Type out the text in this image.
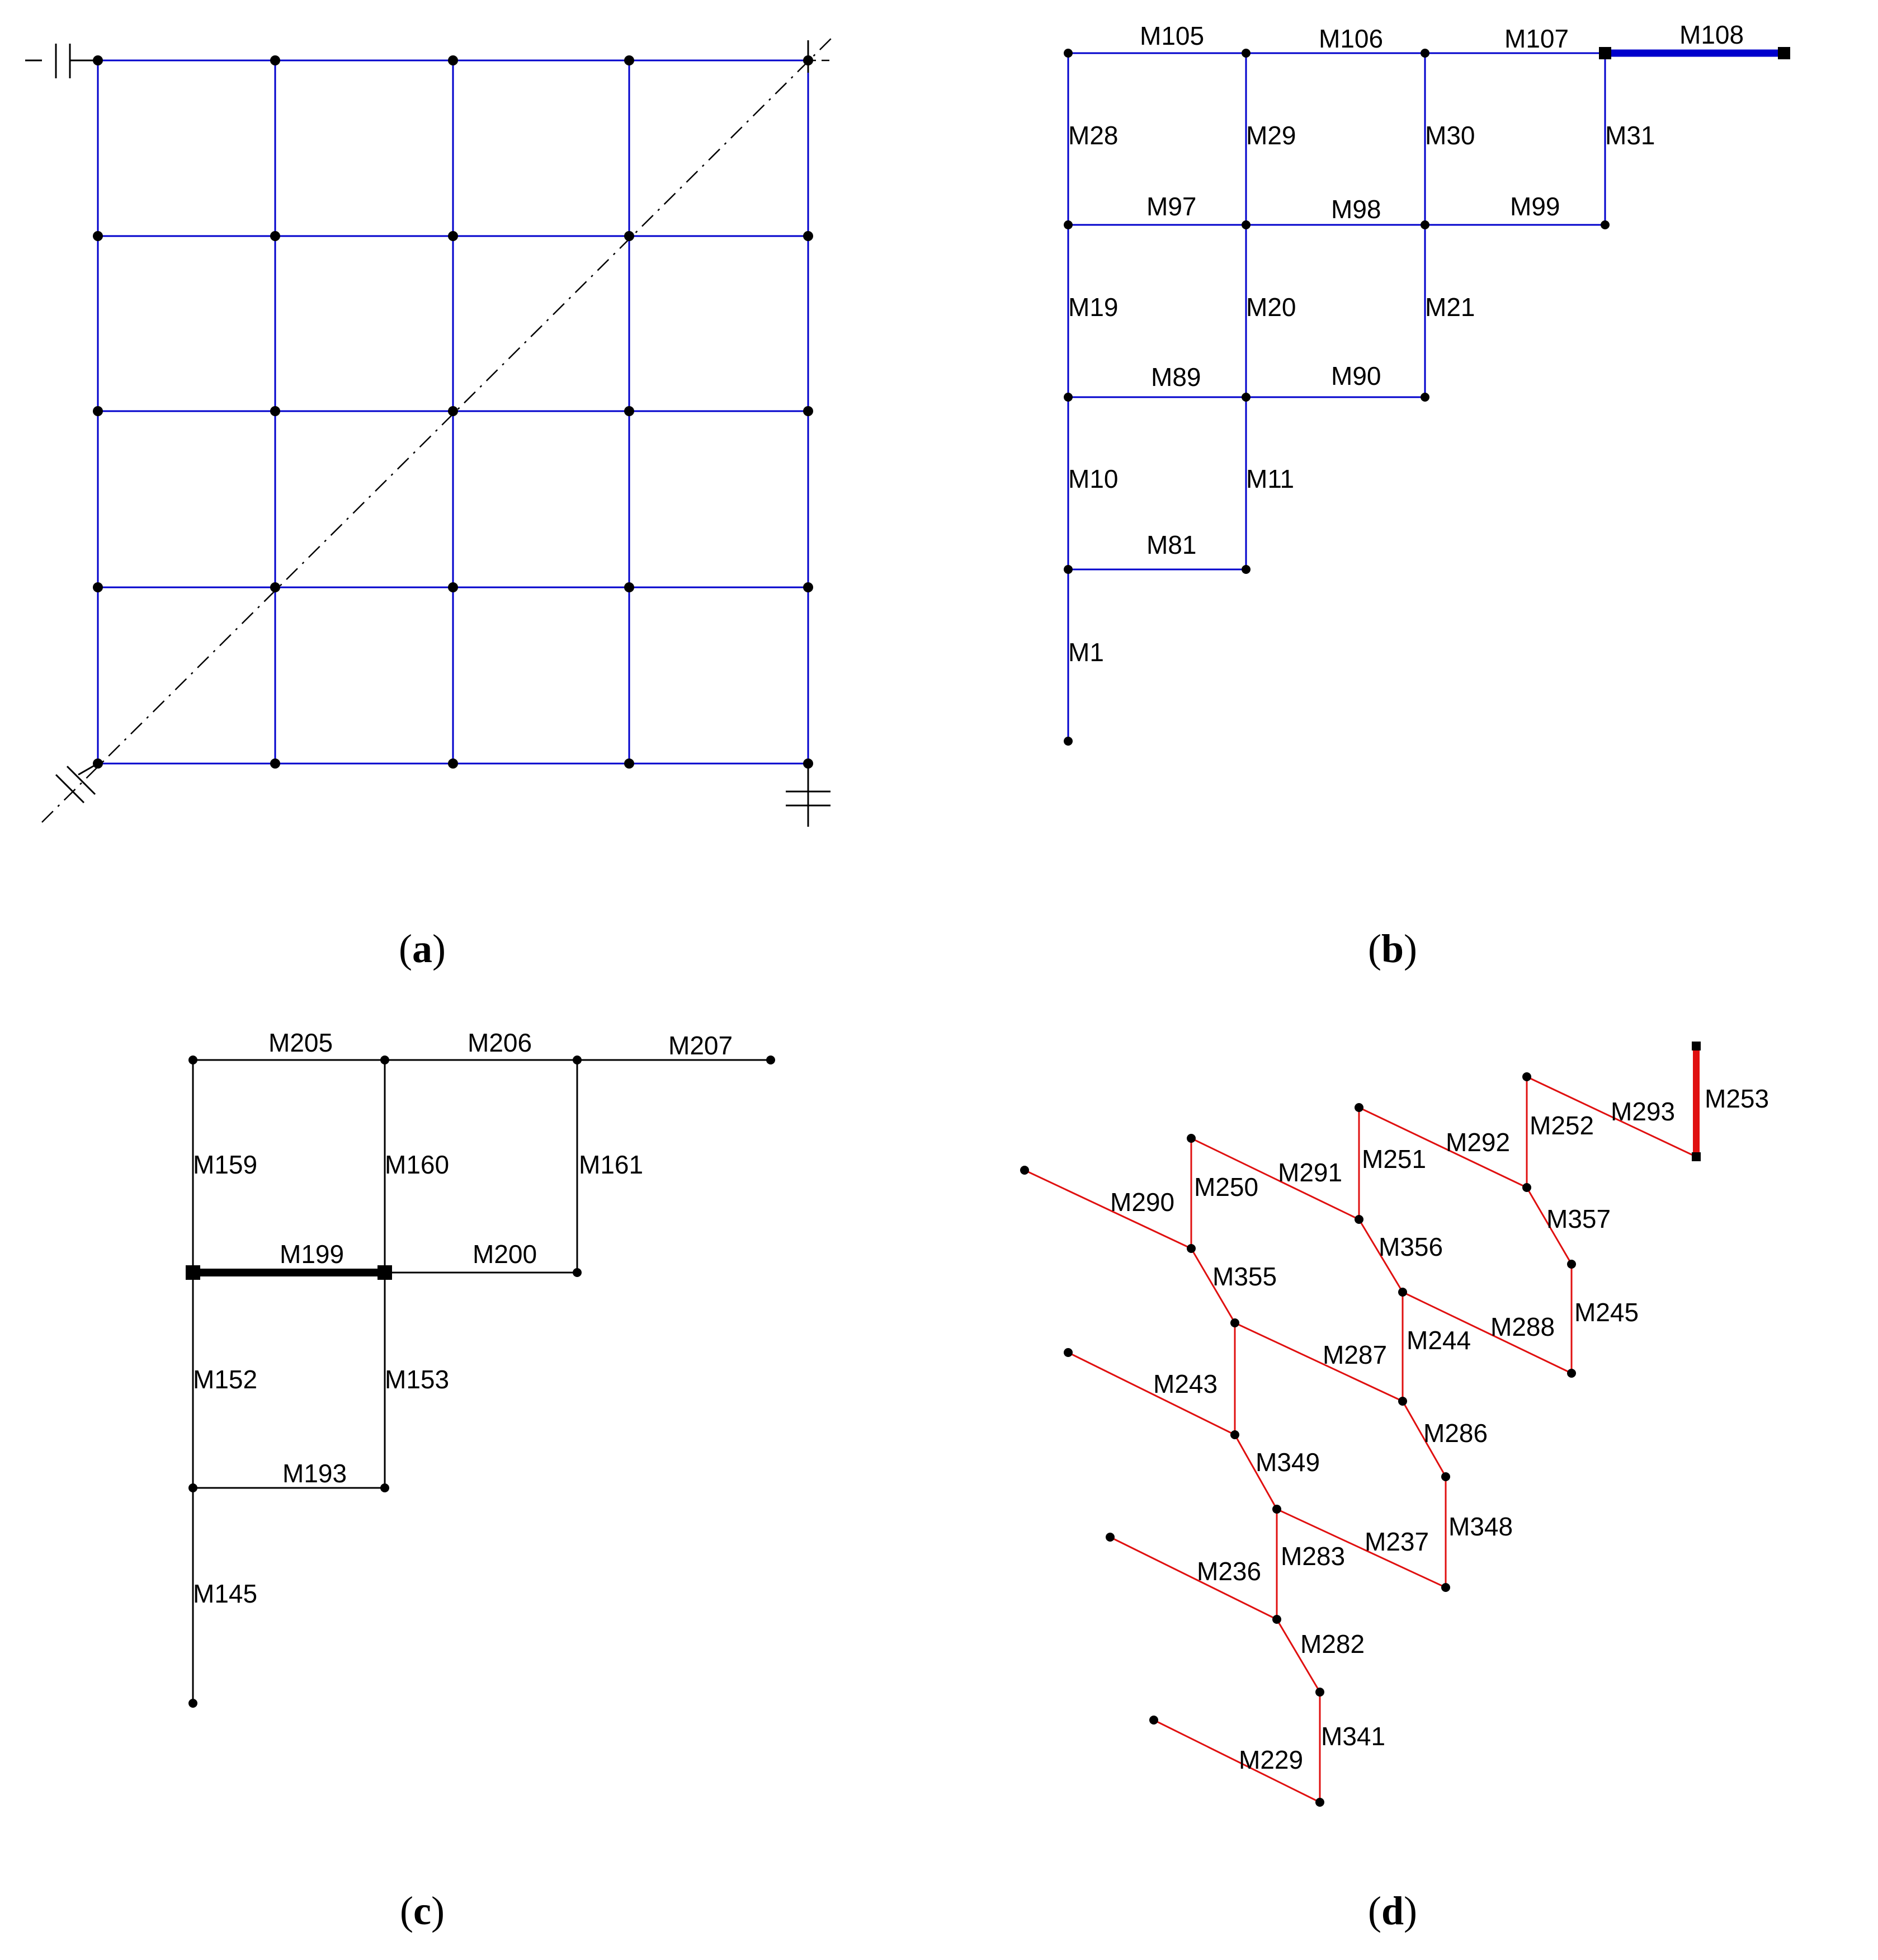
M105	M106	M107	M108
M28	M29	M30	M31
M97	M98	M99
M19	M20	M21
M89	M90
M10	M11
M81
M1
M205	M206	M207
M159	M160	M161
M199	M200
M152	M153
M193
M145
M253
M293
M252
M292
M251
M291
M250
M290
M357
M356
M355
M245
M288
M244
M287
M243
M286
M349
M348
M237
M283
M236
M282
M341
M229
(a)	(b)
(c)	(d)
